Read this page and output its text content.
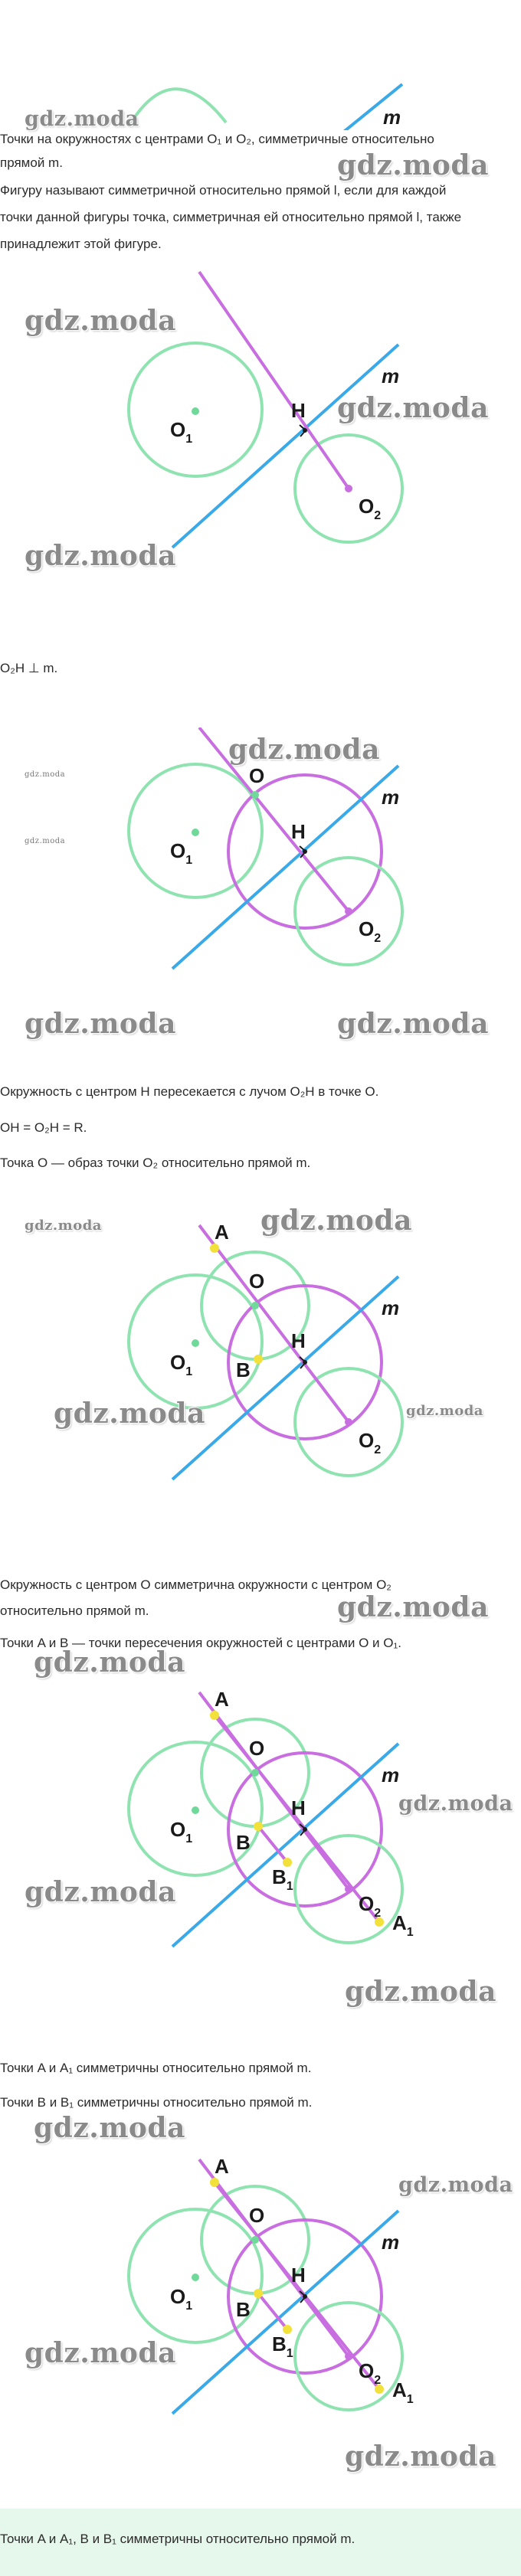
m
gdz.moda
gdz.moda
Точки на окружностях с центрами O₁ и O₂, симметричные относительно
прямой m.
Фигуру называют симметричной относительно прямой l, если для каждой
точки данной фигуры точка, симметричная ей относительно прямой l, также
принадлежит этой фигуре.
m
H
$O_1$
$O_2$
gdz.moda
gdz.moda
gdz.moda
O₂H ⊥ m.
O
m
H
$O_1$
$O_2$
gdz.moda
gdz.moda
gdz.moda
gdz.moda	gdz.moda
Окружность с центром H пересекается с лучом O₂H в точке O.
OH = O₂H = R.
Точка O — образ точки O₂ относительно прямой m.
A
O
m
H
$O_1$ B
$O_2$
gdz.moda	gdz.moda
gdz.moda	gdz.moda
Окружность с центром O симметрична окружности с центром O₂
относительно прямой m.
Точки A и B — точки пересечения окружностей с центрами O и O₁.
gdz.moda
A
O
m
H
$O_1$ B
$B_1$
$O_2$ $A_1$
gdz.moda
gdz.moda
gdz.moda
gdz.moda
Точки A и A₁ симметричны относительно прямой m.
Точки B и B₁ симметричны относительно прямой m.
A
O
m
H
$O_1$ B
$B_1$
$O_2$ $A_1$
gdz.moda
gdz.moda
gdz.moda
gdz.moda
Точки A и A₁, B и B₁ симметричны относительно прямой m.
